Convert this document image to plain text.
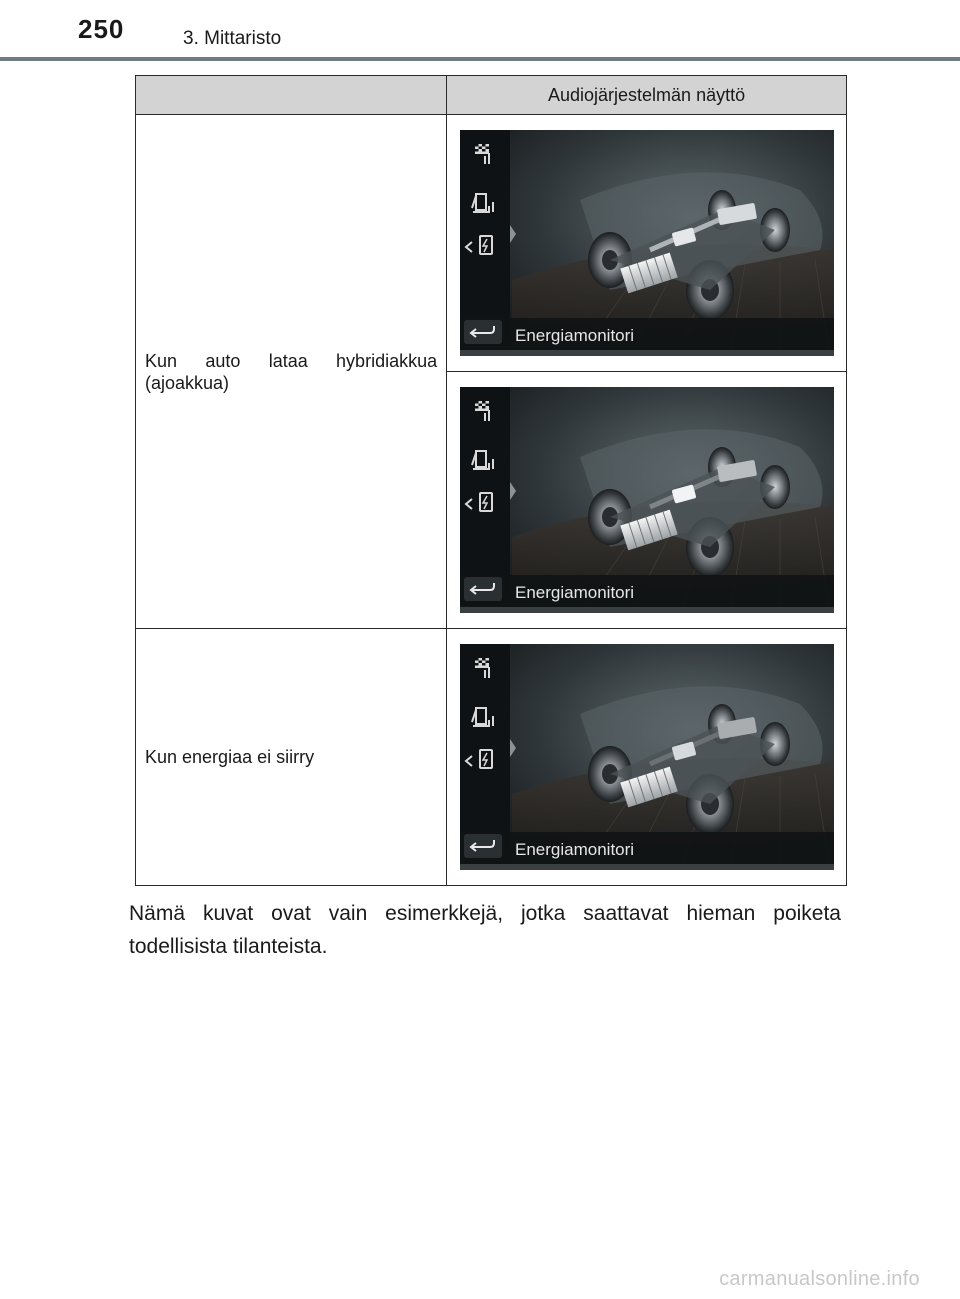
250	3. Mittaristo
	Audiojärjestelmän näyttö

Kun auto lataa hybridiakkua
(ajoakkua)	Energiamonitori

Energiamonitori

Kun energiaa ei siirry	Energiamonitori
Nämä kuvat ovat vain esimerkkejä, jotka saattavat hieman poiketa
todellisista tilanteista.
carmanualsonline.info
